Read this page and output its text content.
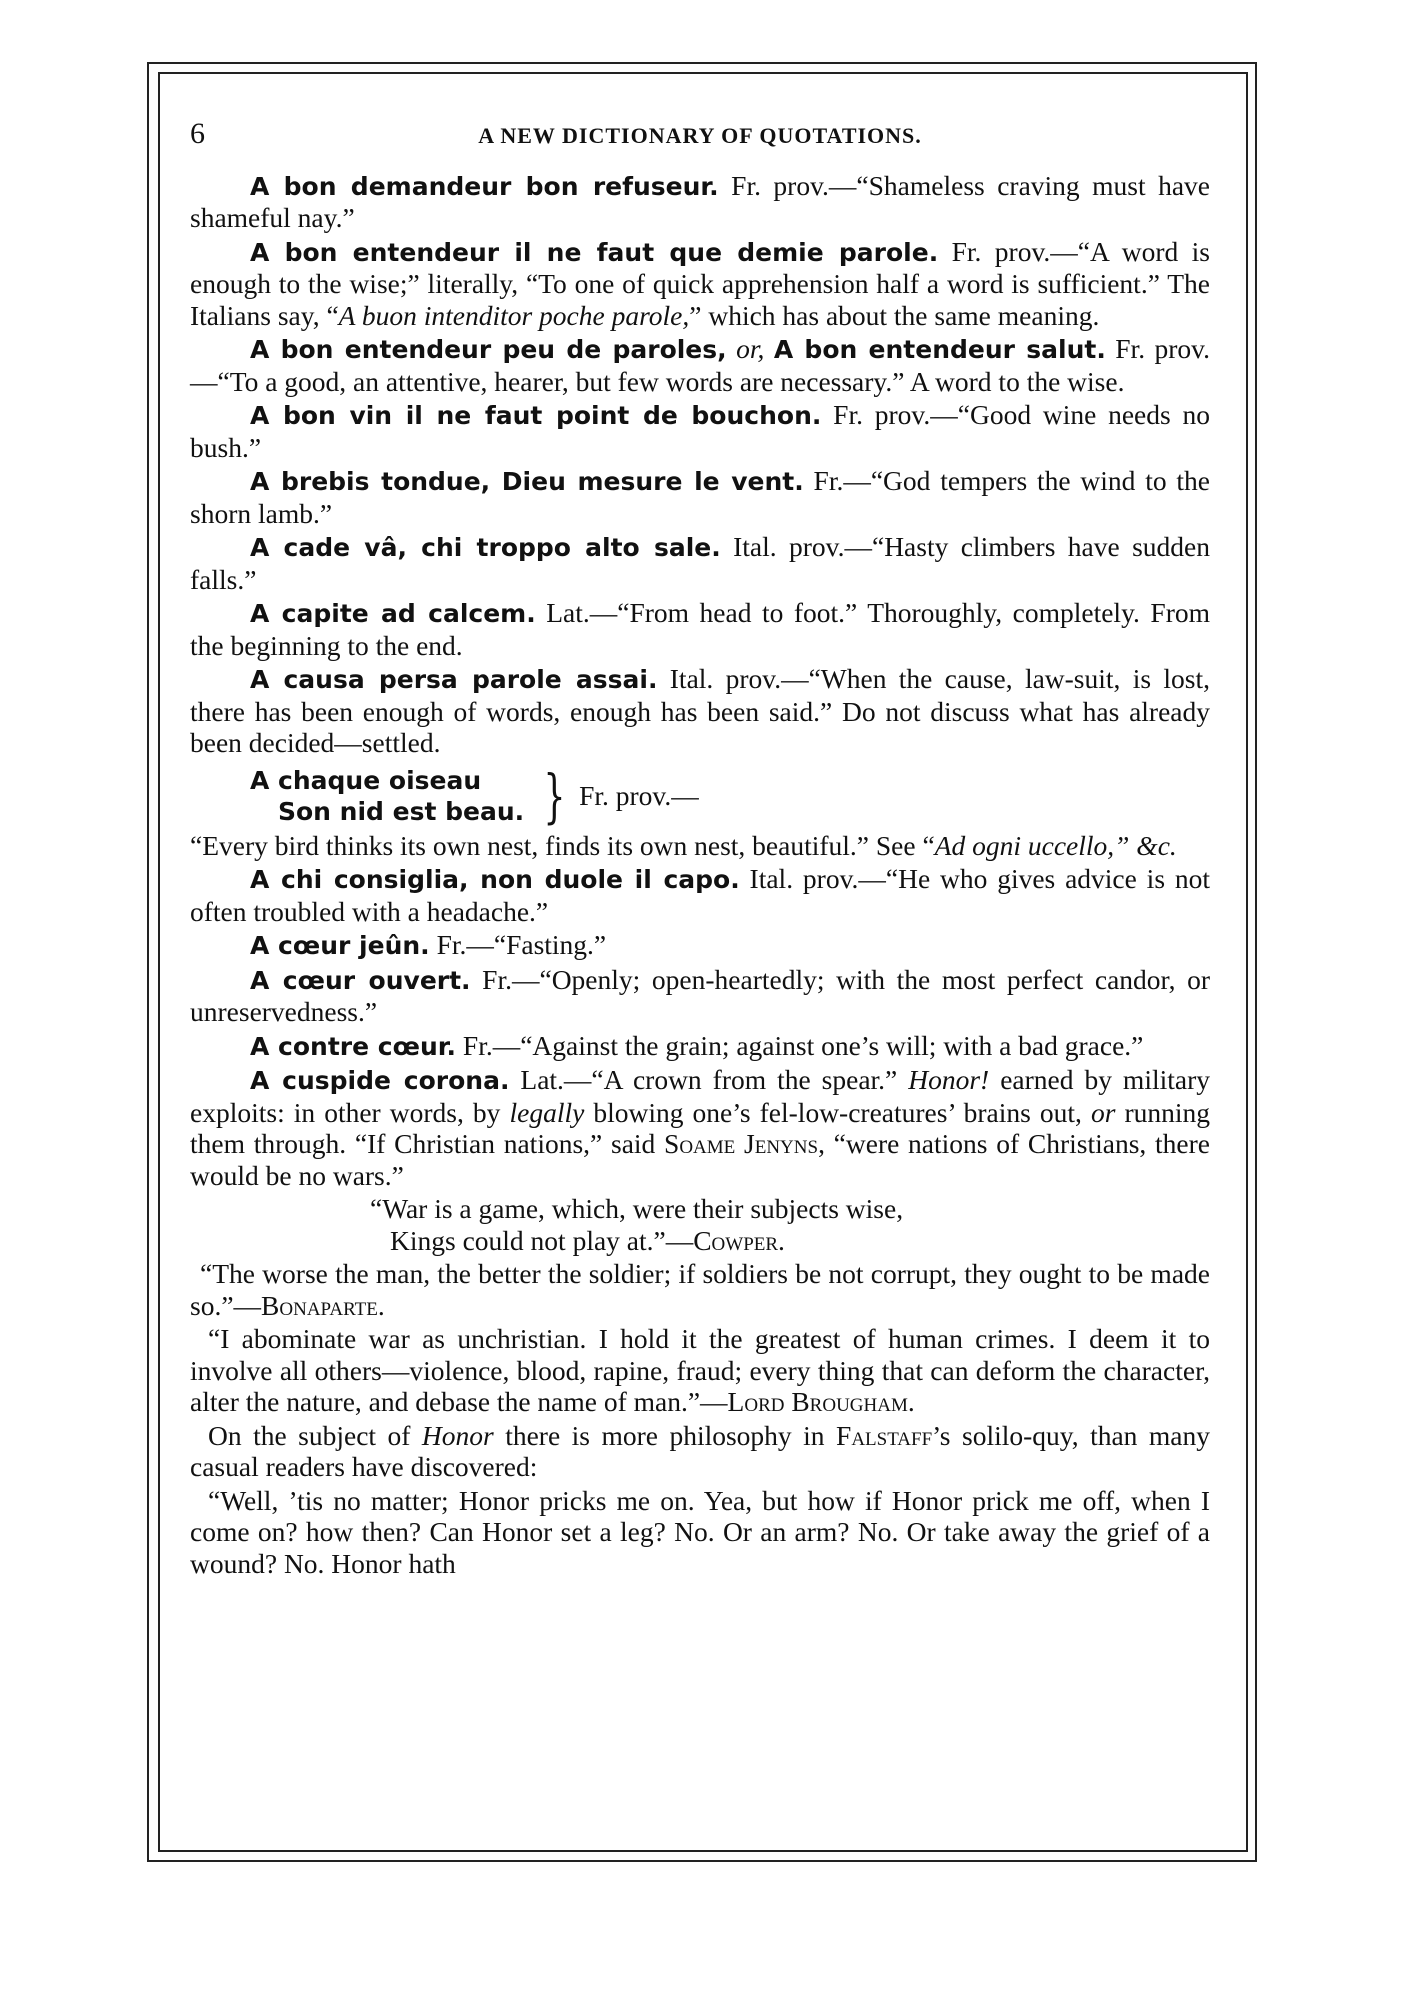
6	A NEW DICTIONARY OF QUOTATIONS.

A bon demandeur bon refuseur. Fr. prov.—“Shameless craving must have shameful nay.”

A bon entendeur il ne faut que demie parole. Fr. prov.—“A word is enough to the wise;” literally, “To one of quick apprehension half a word is sufficient.” The Italians say, “A buon intenditor poche parole,” which has about the same meaning.

A bon entendeur peu de paroles, or, A bon entendeur salut. Fr. prov.—“To a good, an attentive, hearer, but few words are necessary.” A word to the wise.

A bon vin il ne faut point de bouchon. Fr. prov.—“Good wine needs no bush.”

A brebis tondue, Dieu mesure le vent. Fr.—“God tempers the wind to the shorn lamb.”

A cade vâ, chi troppo alto sale. Ital. prov.—“Hasty climbers have sudden falls.”

A capite ad calcem. Lat.—“From head to foot.” Thoroughly, completely. From the beginning to the end.

A causa persa parole assai. Ital. prov.—“When the cause, law-suit, is lost, there has been enough of words, enough has been said.” Do not discuss what has already been decided—settled.

A chaque oiseau
Son nid est beau. } Fr. prov.—

“Every bird thinks its own nest, finds its own nest, beautiful.” See “Ad ogni uccello,” &c.

A chi consiglia, non duole il capo. Ital. prov.—“He who gives advice is not often troubled with a headache.”

A cœur jeûn. Fr.—“Fasting.”

A cœur ouvert. Fr.—“Openly; open-heartedly; with the most perfect candor, or unreservedness.”

A contre cœur. Fr.—“Against the grain; against one’s will; with a bad grace.”

A cuspide corona. Lat.—“A crown from the spear.” Honor! earned by military exploits: in other words, by legally blowing one’s fel-low-creatures’ brains out, or running them through. “If Christian nations,” said Soame Jenyns, “were nations of Christians, there would be no wars.”

“War is a game, which, were their subjects wise,
Kings could not play at.”—Cowper.

“The worse the man, the better the soldier; if soldiers be not corrupt, they ought to be made so.”—Bonaparte.

“I abominate war as unchristian. I hold it the greatest of human crimes. I deem it to involve all others—violence, blood, rapine, fraud; every thing that can deform the character, alter the nature, and debase the name of man.”—Lord Brougham.

On the subject of Honor there is more philosophy in Falstaff’s solilo-quy, than many casual readers have discovered:

“Well, ’tis no matter; Honor pricks me on. Yea, but how if Honor prick me off, when I come on? how then? Can Honor set a leg? No. Or an arm? No. Or take away the grief of a wound? No. Honor hath
